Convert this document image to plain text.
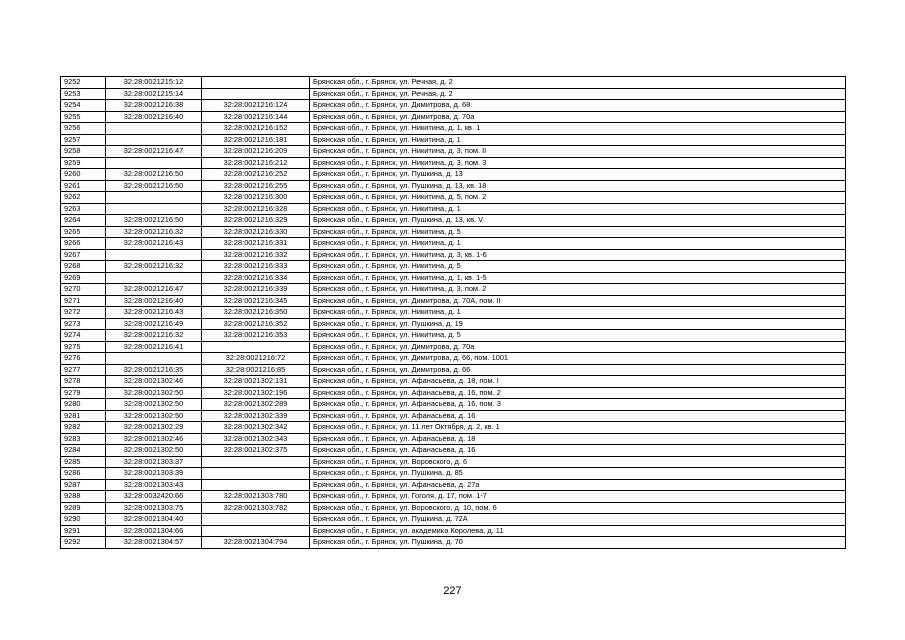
9252	32:28:0021215:12		Брянская обл., г. Брянск, ул. Речная, д. 2
9253	32:28:0021215:14		Брянская обл., г. Брянск, ул. Речная, д. 2
9254	32:28:0021216:38	32:28:0021216:124	Брянская обл., г. Брянск, ул. Димитрова, д. 68
9255	32:28:0021216:40	32:28:0021216:144	Брянская обл., г. Брянск, ул. Димитрова, д. 70а
9256		32:28:0021216:152	Брянская обл., г. Брянск, ул. Никитина, д. 1, кв. 1
9257		32:28:0021216:181	Брянская обл., г. Брянск, ул. Никитина, д. 1
9258	32:28:0021216:47	32:28:0021216:209	Брянская обл., г. Брянск, ул. Никитина, д. 3, пом. II
9259		32:28:0021216:212	Брянская обл., г. Брянск, ул. Никитина, д. 3, пом. 3
9260	32:28:0021216:50	32:28:0021216:252	Брянская обл., г. Брянск, ул. Пушкина, д. 13
9261	32:28:0021216:50	32:28:0021216:255	Брянская обл., г. Брянск, ул. Пушкина, д. 13, кв. 18
9262		32:28:0021216:300	Брянская обл., г. Брянск, ул. Никитина, д. 5, пом. 2
9263		32:28:0021216:328	Брянская обл., г. Брянск, ул. Никитина, д. 1
9264	32:28:0021216:50	32:28:0021216:329	Брянская обл., г. Брянск, ул. Пушкина, д. 13, кв. V
9265	32:28:0021216:32	32:28:0021216:330	Брянская обл., г. Брянск, ул. Никитина, д. 5
9266	32:28:0021216:43	32:28:0021216:331	Брянская обл., г. Брянск, ул. Никитина, д. 1
9267		32:28:0021216:332	Брянская обл., г. Брянск, ул. Никитина, д. 3, кв. 1-6
9268	32:28:0021216:32	32:28:0021216:333	Брянская обл., г. Брянск, ул. Никитина, д. 5
9269		32:28:0021216:334	Брянская обл., г. Брянск, ул. Никитина, д. 1, кв. 1-5
9270	32:28:0021216:47	32:28:0021216:339	Брянская обл., г. Брянск, ул. Никитина, д. 3, пом. 2
9271	32:28:0021216:40	32:28:0021216:345	Брянская обл., г. Брянск, ул. Димитрова, д. 70А, пом. II
9272	32:28:0021216:43	32:28:0021216:350	Брянская обл., г. Брянск, ул. Никитина, д. 1
9273	32:28:0021216:49	32:28:0021216:352	Брянская обл., г. Брянск, ул. Пушкина, д. 19
9274	32:28:0021216:32	32:28:0021216:353	Брянская обл., г. Брянск, ул. Никитина, д. 5
9275	32:28:0021216:41		Брянская обл., г. Брянск, ул. Димитрова, д. 70а
9276		32:28:0021216:72	Брянская обл., г. Брянск, ул. Димитрова, д. 66, пом. 1001
9277	32:28:0021216:35	32:28:0021216:85	Брянская обл., г. Брянск, ул. Димитрова, д. 66
9278	32:28:0021302:46	32:28:0021302:131	Брянская обл., г. Брянск, ул. Афанасьева, д. 18, пом. I
9279	32:28:0021302:50	32:28:0021302:196	Брянская обл., г. Брянск, ул. Афанасьева, д. 16, пом. 2
9280	32:28:0021302:50	32:28:0021302:289	Брянская обл., г. Брянск, ул. Афанасьева, д. 16, пом. 3
9281	32:28:0021302:50	32:28:0021302:339	Брянская обл., г. Брянск, ул. Афанасьева, д. 16
9282	32:28:0021302:29	32:28:0021302:342	Брянская обл., г. Брянск, ул. 11 лет Октября, д. 2, кв. 1
9283	32:28:0021302:46	32:28:0021302:343	Брянская обл., г. Брянск, ул. Афанасьева, д. 18
9284	32:28:0021302:50	32:28:0021302:375	Брянская обл., г. Брянск, ул. Афанасьева, д. 16
9285	32:28:0021303:37		Брянская обл., г. Брянск, ул. Воровского, д. 6
9286	32:28:0021303:39		Брянская обл., г. Брянск, ул. Пушкина, д. 85
9287	32:28:0021303:43		Брянская обл., г. Брянск, ул. Афанасьева, д. 27а
9288	32:28:0032420:66	32:28:0021303:780	Брянская обл., г. Брянск, ул. Гоголя, д. 17, пом. 1-7
9289	32:28:0021303:75	32:28:0021303:782	Брянская обл., г. Брянск, ул. Воровского, д. 10, пом. 6
9290	32:28:0021304:40		Брянская обл., г. Брянск, ул. Пушкина, д. 72А
9291	32:28:0021304:66		Брянская обл., г. Брянск, ул. академика Королева, д. 11
9292	32:28:0021304:57	32:28:0021304:794	Брянская обл., г. Брянск, ул. Пушкина, д. 70
227
